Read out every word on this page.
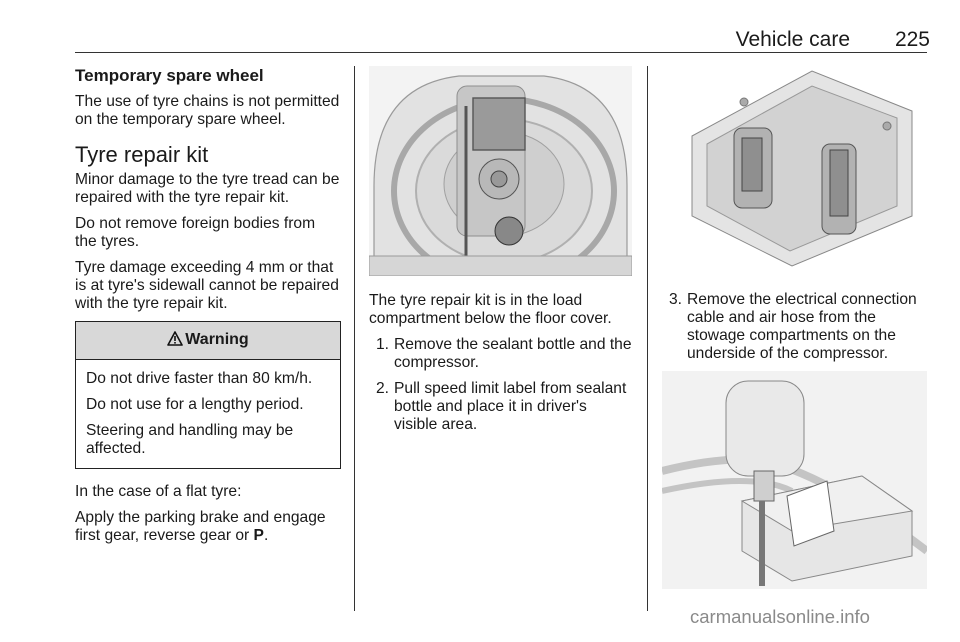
Vehicle care	225
Temporary spare wheel

The use of tyre chains is not permitted on the temporary spare wheel.

Tyre repair kit

Minor damage to the tyre tread can be repaired with the tyre repair kit.

Do not remove foreign bodies from the tyres.

Tyre damage exceeding 4 mm or that is at tyre's sidewall cannot be repaired with the tyre repair kit.

Warning

Do not drive faster than 80 km/h.

Do not use for a lengthy period.

Steering and handling may be affected.

In the case of a flat tyre:

Apply the parking brake and engage first gear, reverse gear or P.

The tyre repair kit is in the load compartment below the floor cover.

1. Remove the sealant bottle and the compressor.
2. Pull speed limit label from sealant bottle and place it in driver's visible area.
3. Remove the electrical connection cable and air hose from the stowage compartments on the underside of the compressor.
carmanualsonline.info
